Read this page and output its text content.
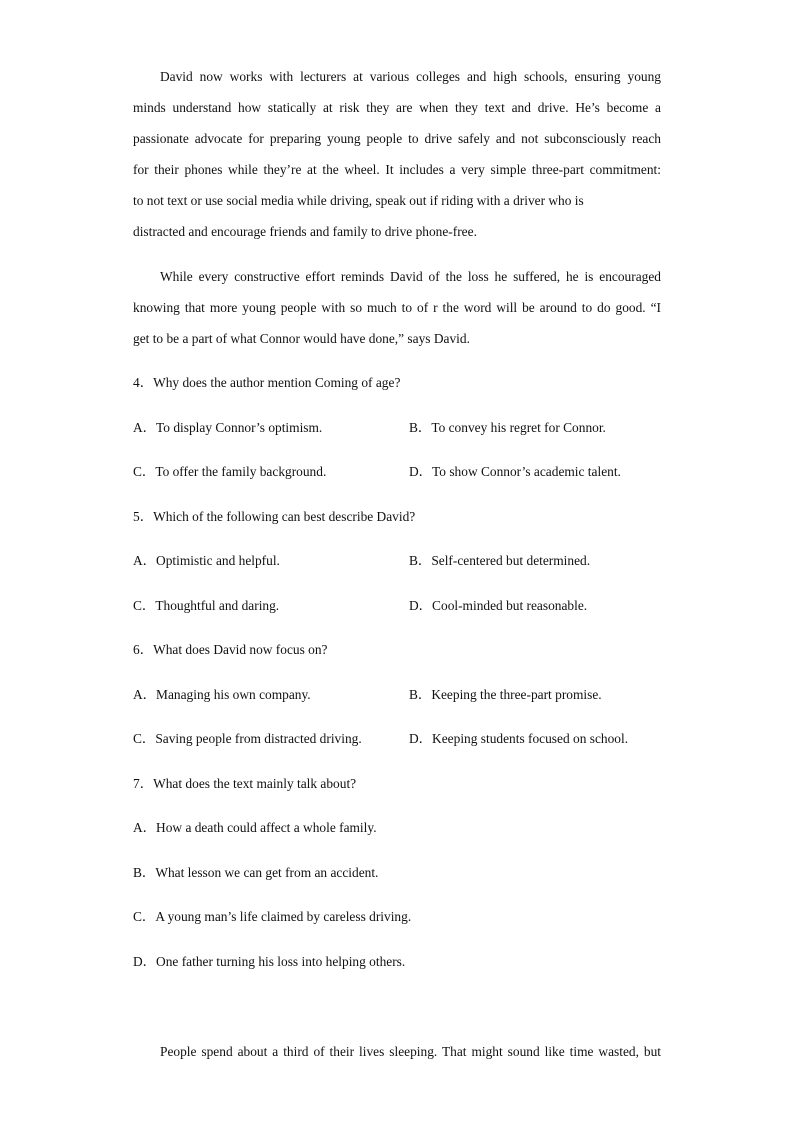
David now works with lecturers at various colleges and high schools, ensuring young
minds understand how statically at risk they are when they text and drive. He’s become a
passionate advocate for preparing young people to drive safely and not subconsciously reach
for their phones while they’re at the wheel. It includes a very simple three-part commitment:
to not text or use social media while driving, speak out if riding with a driver who is
distracted and encourage friends and family to drive phone-free.
While every constructive effort reminds David of the loss he suffered, he is encouraged
knowing that more young people with so much to of r the word will be around to do good. “I
get to be a part of what Connor would have done,” says David.

4．Why does the author mention Coming of age?

A．To display Connor’s optimism.	B．To convey his regret for Connor.

C．To offer the family background.	D．To show Connor’s academic talent.

5．Which of the following can best describe David?

A．Optimistic and helpful.	B．Self-centered but determined.

C．Thoughtful and daring.	D．Cool-minded but reasonable.

6．What does David now focus on?

A．Managing his own company.	B．Keeping the three-part promise.

C．Saving people from distracted driving.	D．Keeping students focused on school.

7．What does the text mainly talk about?

A．How a death could affect a whole family.

B．What lesson we can get from an accident.

C．A young man’s life claimed by careless driving.

D．One father turning his loss into helping others.

People spend about a third of their lives sleeping. That might sound like time wasted, but
